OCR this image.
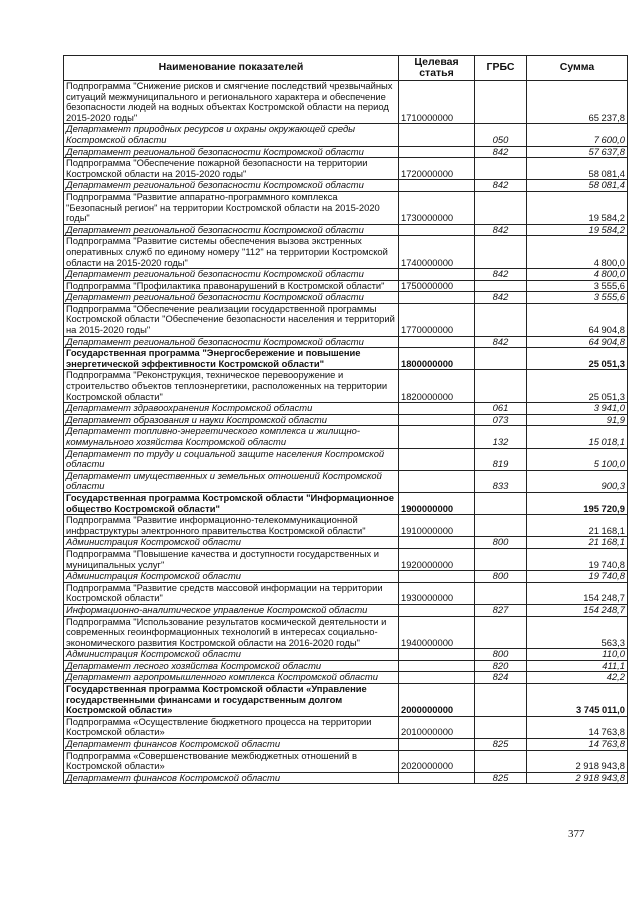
Наименование показателей	Целевая статья	ГРБС	Сумма
Подпрограмма "Снижение рисков и смягчение последствий чрезвычайных ситуаций межмуниципального и регионального характера и обеспечение безопасности людей на водных объектах Костромской области на период 2015-2020 годы"	1710000000		65 237,8
Департамент природных ресурсов и охраны окружающей среды Костромской области		050	7 600,0
Департамент региональной безопасности Костромской области		842	57 637,8
Подпрограмма "Обеспечение пожарной безопасности на территории Костромской области на 2015-2020 годы"	1720000000		58 081,4
Департамент региональной безопасности Костромской области		842	58 081,4
Подпрограмма "Развитие аппаратно-программного комплекса "Безопасный регион" на территории Костромской области на 2015-2020 годы"	1730000000		19 584,2
Департамент региональной безопасности Костромской области		842	19 584,2
Подпрограмма "Развитие системы обеспечения вызова экстренных оперативных служб по единому номеру "112" на территории Костромской области на 2015-2020 годы"	1740000000		4 800,0
Департамент региональной безопасности Костромской области		842	4 800,0
Подпрограмма "Профилактика правонарушений в Костромской области"	1750000000		3 555,6
Департамент региональной безопасности Костромской области		842	3 555,6
Подпрограмма "Обеспечение реализации государственной программы Костромской области "Обеспечение безопасности населения и территорий на 2015-2020 годы"	1770000000		64 904,8
Департамент региональной безопасности Костромской области		842	64 904,8
Государственная программа "Энергосбережение и повышение энергетической эффективности Костромской области"	1800000000		25 051,3
Подпрограмма "Реконструкция, техническое перевооружение и строительство объектов теплоэнергетики, расположенных на территории Костромской области"	1820000000		25 051,3
Департамент здравоохранения Костромской области		061	3 941,0
Департамент образования и науки Костромской области		073	91,9
Департамент топливно-энергетического комплекса и жилищно-коммунального хозяйства Костромской области		132	15 018,1
Департамент по труду и социальной защите населения Костромской области		819	5 100,0
Департамент имущественных и земельных отношений Костромской области		833	900,3
Государственная программа Костромской области "Информационное общество Костромской области"	1900000000		195 720,9
Подпрограмма "Развитие информационно-телекоммуникационной инфраструктуры электронного правительства Костромской области"	1910000000		21 168,1
Администрация Костромской области		800	21 168,1
Подпрограмма "Повышение качества и доступности государственных и муниципальных услуг"	1920000000		19 740,8
Администрация Костромской области		800	19 740,8
Подпрограмма "Развитие средств массовой информации на территории Костромской области"	1930000000		154 248,7
Информационно-аналитическое управление Костромской области		827	154 248,7
Подпрограмма "Использование результатов космической деятельности и современных геоинформационных технологий в интересах социально-экономического развития Костромской области на 2016-2020 годы"	1940000000		563,3
Администрация Костромской области		800	110,0
Департамент лесного хозяйства Костромской области		820	411,1
Департамент агропромышленного комплекса Костромской области		824	42,2
Государственная программа Костромской области «Управление государственными финансами и государственным долгом Костромской области»	2000000000		3 745 011,0
Подпрограмма «Осуществление бюджетного процесса на территории Костромской области»	2010000000		14 763,8
Департамент финансов Костромской области		825	14 763,8
Подпрограмма «Совершенствование межбюджетных отношений в Костромской области»	2020000000		2 918 943,8
Департамент финансов Костромской области		825	2 918 943,8
377
